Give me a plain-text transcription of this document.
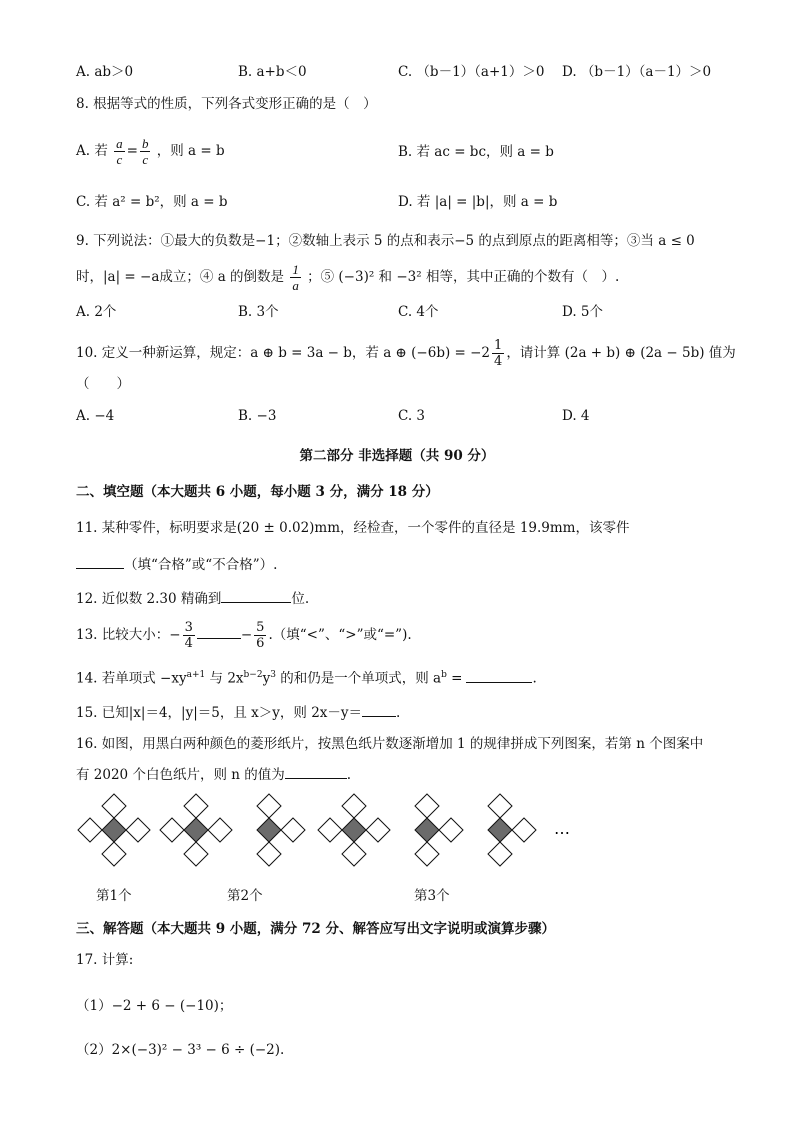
A. ab＞0	B. a+b＜0	C. （b－1）（a+1）＞0 D. （b－1）（a－1）＞0
8. 根据等式的性质，下列各式变形正确的是（　）
A. 若 $\frac{a}{c} = \frac{b}{c}$ ，则 a = b	B. 若 ac = bc，则 a = b
C. 若 a² = b²，则 a = b	D. 若 |a| = |b|，则 a = b
9. 下列说法：①最大的负数是−1；②数轴上表示 5 的点和表示−5 的点到原点的距离相等；③当 a ≤ 0
时，|a| = −a成立；④ a 的倒数是 $\frac{1}{a}$ ；⑤ (−3)² 和 −3² 相等，其中正确的个数有（　）.
A. 2个	B. 3个	C. 4个	D. 5个
10. 定义一种新运算，规定：a ⊕ b = 3a − b，若 a ⊕ $(-6b) = -2 \frac{1}{4}$ ，请计算 (2a + b) ⊕ (2a − 5b) 值为
（　　）
A. −4	B. −3	C. 3	D. 4
第二部分 非选择题（共 90 分）
二、填空题（本大题共 6 小题，每小题 3 分，满分 18 分）
11. 某种零件，标明要求是(20 ± 0.02)mm，经检查，一个零件的直径是 19.9mm，该零件
（填“合格”或“不合格”）.
12. 近似数 2.30 精确到	位.
13. 比较大小：− $\frac{3}{4}$	− $\frac{5}{6}$ .（填“<”、“>”或“=”).
14. 若单项式 $-xy^{a+1}$ 与 $2x^{b-2}y^3$ 的和仍是一个单项式，则 $a^b$ =	.
15. 已知|x|＝4，|y|＝5，且 x＞y，则 2x－y＝	.
16. 如图，用黑白两种颜色的菱形纸片，按黑色纸片数逐渐增加 1 的规律拼成下列图案，若第 n 个图案中
有 2020 个白色纸片，则 n 的值为	.
…
第1个	第2个	第3个
三、解答题（本大题共 9 小题，满分 72 分、解答应写出文字说明或演算步骤）
17. 计算:
（1）−2 + 6 − (−10)；
（2）2×(−3)² − 3³ − 6 ÷ (−2).
